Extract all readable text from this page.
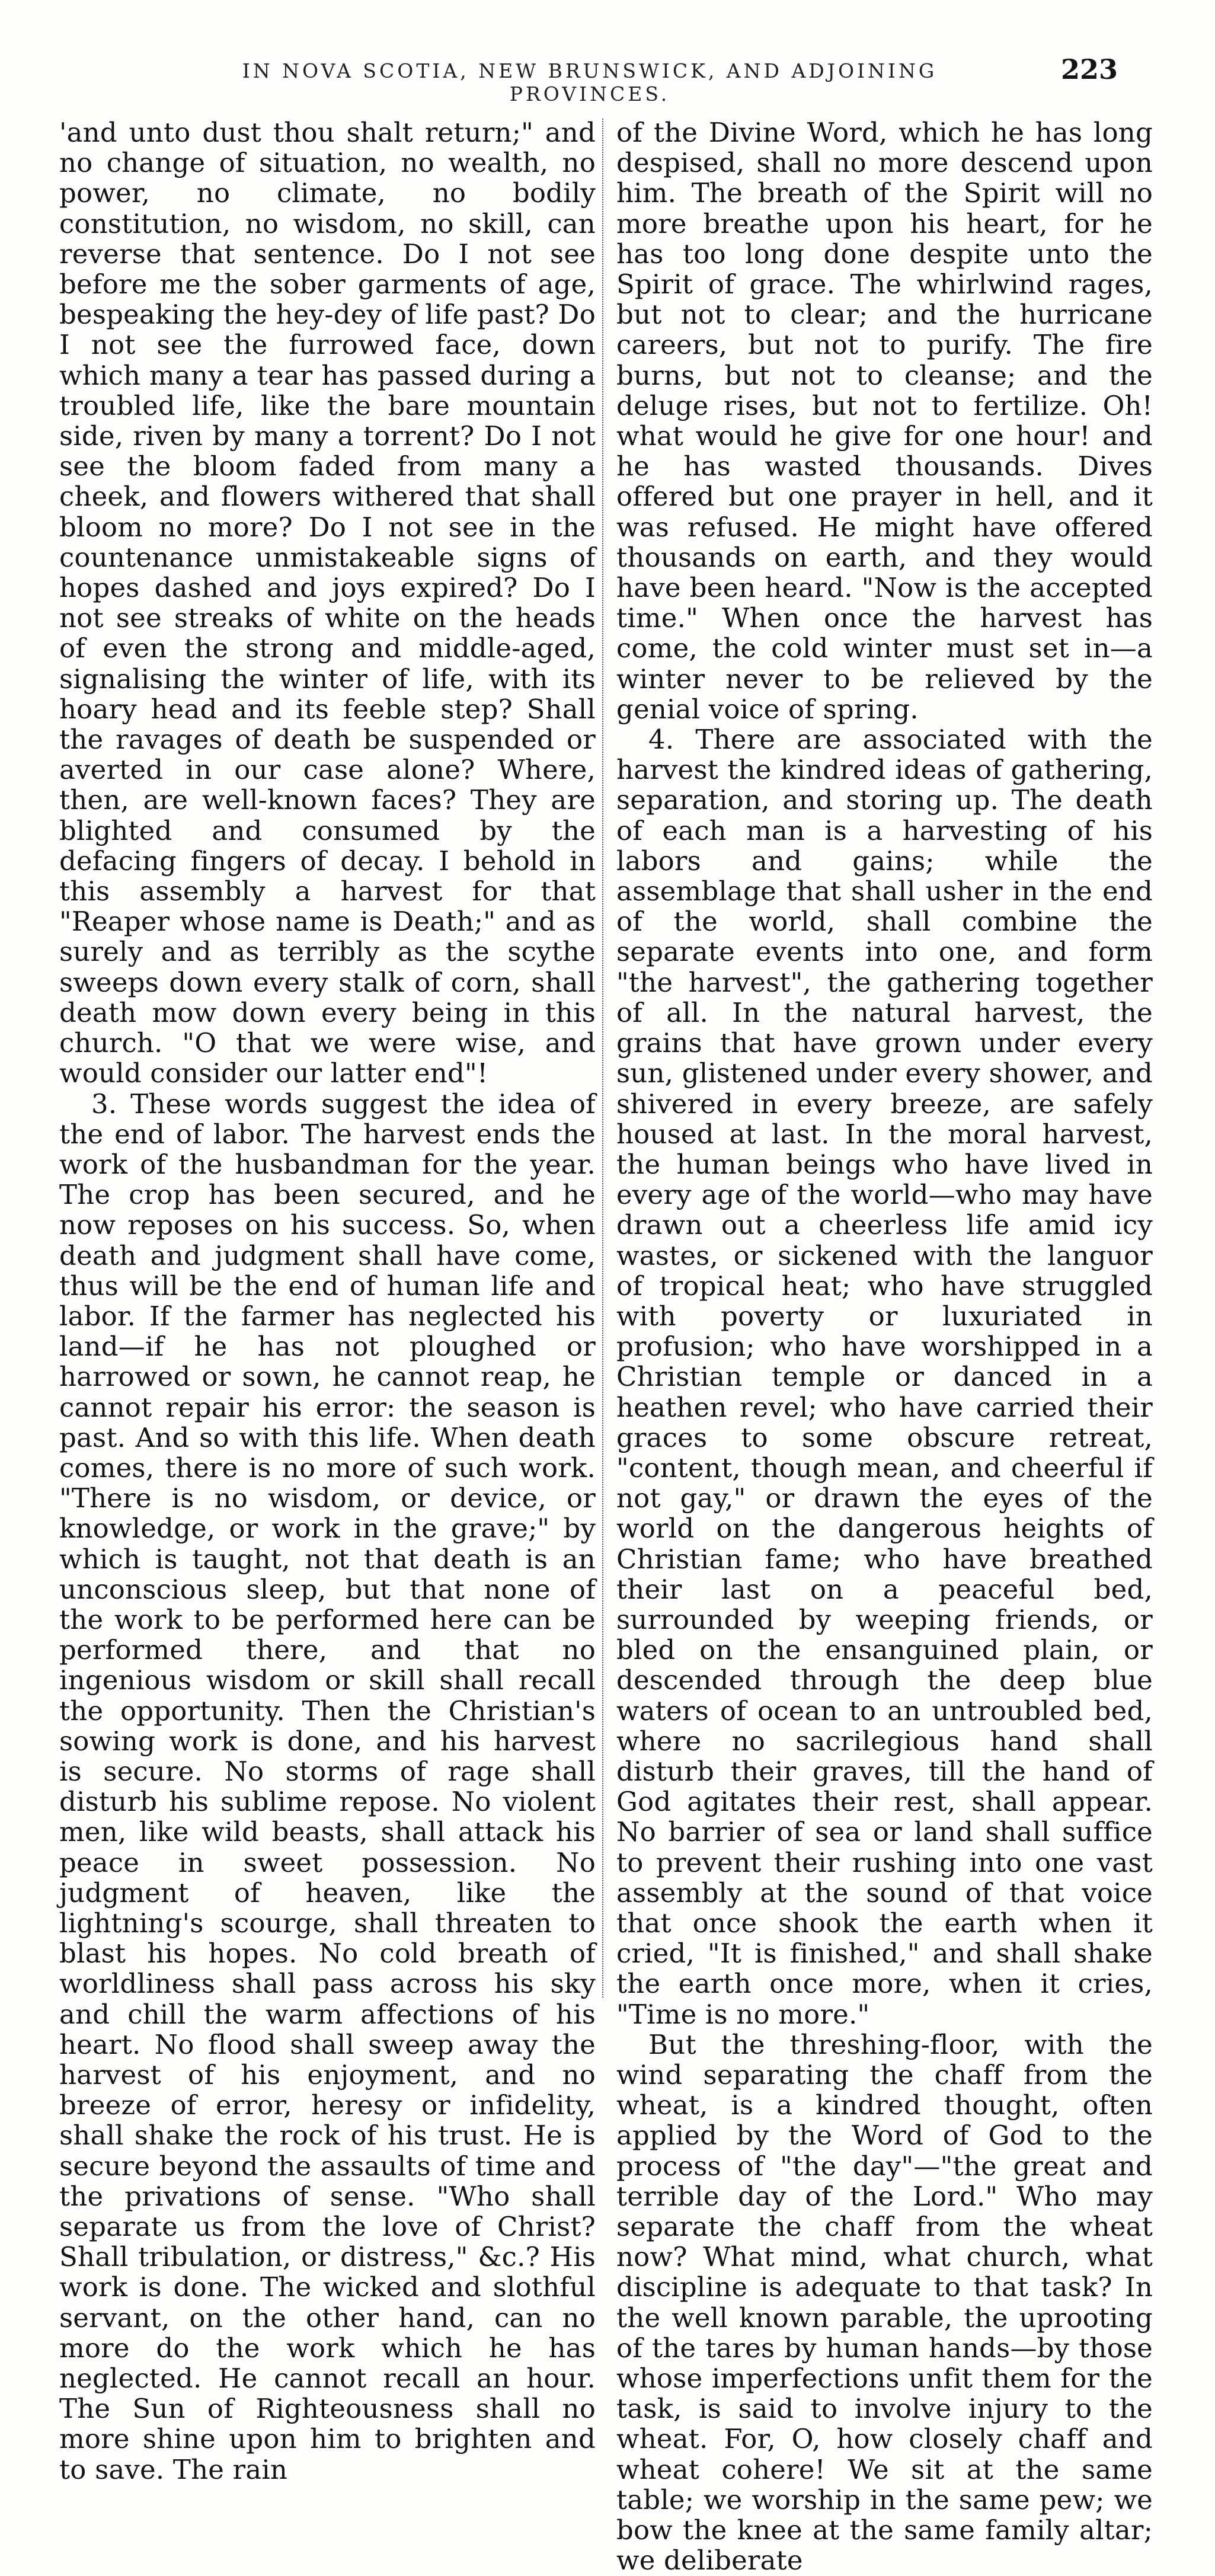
IN NOVA SCOTIA, NEW BRUNSWICK, AND ADJOINING PROVINCES.
223

'and unto dust thou shalt return;" and no change of situation, no wealth, no power, no climate, no bodily constitution, no wisdom, no skill, can reverse that sentence. Do I not see before me the sober garments of age, bespeaking the hey-dey of life past? Do I not see the furrowed face, down which many a tear has passed during a troubled life, like the bare mountain side, riven by many a torrent? Do I not see the bloom faded from many a cheek, and flowers withered that shall bloom no more? Do I not see in the countenance unmistakeable signs of hopes dashed and joys expired? Do I not see streaks of white on the heads of even the strong and middle-aged, signalising the winter of life, with its hoary head and its feeble step? Shall the ravages of death be suspended or averted in our case alone? Where, then, are well-known faces? They are blighted and consumed by the defacing fingers of decay. I behold in this assembly a harvest for that "Reaper whose name is Death;" and as surely and as terribly as the scythe sweeps down every stalk of corn, shall death mow down every being in this church. "O that we were wise, and would consider our latter end"!

3. These words suggest the idea of the end of labor. The harvest ends the work of the husbandman for the year. The crop has been secured, and he now reposes on his success. So, when death and judgment shall have come, thus will be the end of human life and labor. If the farmer has neglected his land—if he has not ploughed or harrowed or sown, he cannot reap, he cannot repair his error: the season is past. And so with this life. When death comes, there is no more of such work. "There is no wisdom, or device, or knowledge, or work in the grave;" by which is taught, not that death is an unconscious sleep, but that none of the work to be performed here can be performed there, and that no ingenious wisdom or skill shall recall the opportunity. Then the Christian's sowing work is done, and his harvest is secure. No storms of rage shall disturb his sublime repose. No violent men, like wild beasts, shall attack his peace in sweet possession. No judgment of heaven, like the lightning's scourge, shall threaten to blast his hopes. No cold breath of worldliness shall pass across his sky and chill the warm affections of his heart. No flood shall sweep away the harvest of his enjoyment, and no breeze of error, heresy or infidelity, shall shake the rock of his trust. He is secure beyond the assaults of time and the privations of sense. "Who shall separate us from the love of Christ? Shall tribulation, or distress," &c.? His work is done. The wicked and slothful servant, on the other hand, can no more do the work which he has neglected. He cannot recall an hour. The Sun of Righteousness shall no more shine upon him to brighten and to save. The rain

of the Divine Word, which he has long despised, shall no more descend upon him. The breath of the Spirit will no more breathe upon his heart, for he has too long done despite unto the Spirit of grace. The whirlwind rages, but not to clear; and the hurricane careers, but not to purify. The fire burns, but not to cleanse; and the deluge rises, but not to fertilize. Oh! what would he give for one hour! and he has wasted thousands. Dives offered but one prayer in hell, and it was refused. He might have offered thousands on earth, and they would have been heard. "Now is the accepted time." When once the harvest has come, the cold winter must set in—a winter never to be relieved by the genial voice of spring.

4. There are associated with the harvest the kindred ideas of gathering, separation, and storing up. The death of each man is a harvesting of his labors and gains; while the assemblage that shall usher in the end of the world, shall combine the separate events into one, and form "the harvest", the gathering together of all. In the natural harvest, the grains that have grown under every sun, glistened under every shower, and shivered in every breeze, are safely housed at last. In the moral harvest, the human beings who have lived in every age of the world—who may have drawn out a cheerless life amid icy wastes, or sickened with the languor of tropical heat; who have struggled with poverty or luxuriated in profusion; who have worshipped in a Christian temple or danced in a heathen revel; who have carried their graces to some obscure retreat, "content, though mean, and cheerful if not gay," or drawn the eyes of the world on the dangerous heights of Christian fame; who have breathed their last on a peaceful bed, surrounded by weeping friends, or bled on the ensanguined plain, or descended through the deep blue waters of ocean to an untroubled bed, where no sacrilegious hand shall disturb their graves, till the hand of God agitates their rest, shall appear. No barrier of sea or land shall suffice to prevent their rushing into one vast assembly at the sound of that voice that once shook the earth when it cried, "It is finished," and shall shake the earth once more, when it cries, "Time is no more."

But the threshing-floor, with the wind separating the chaff from the wheat, is a kindred thought, often applied by the Word of God to the process of "the day"—"the great and terrible day of the Lord." Who may separate the chaff from the wheat now? What mind, what church, what discipline is adequate to that task? In the well known parable, the uprooting of the tares by human hands—by those whose imperfections unfit them for the task, is said to involve injury to the wheat. For, O, how closely chaff and wheat cohere! We sit at the same table; we worship in the same pew; we bow the knee at the same family altar; we deliberate
